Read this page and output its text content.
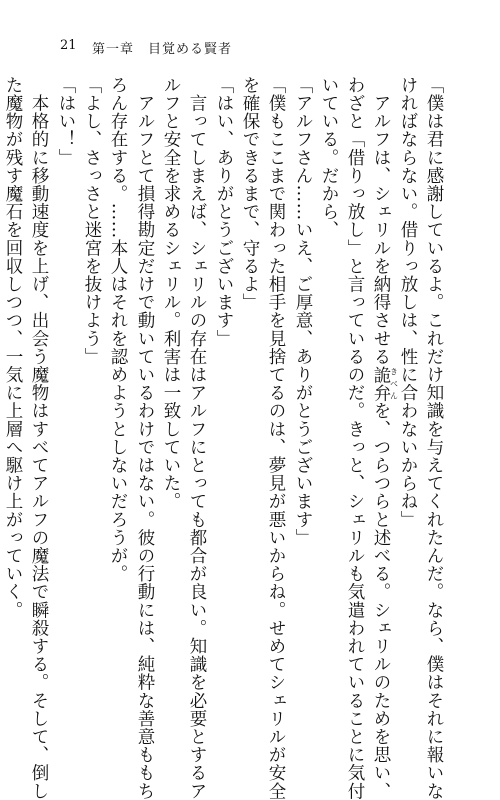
21 第一章　目覚める賢者
「僕は君に感謝しているよ。これだけ知識を与えてくれたんだ。なら、僕はそれに報いな
ければならない。借りっ放しは、性に合わないからね」
　アルフは、シェリルを納得させる詭弁きべんを、つらつらと述べる。シェリルのためを思い、
わざと「借りっ放し」と言っているのだ。きっと、シェリルも気遣われていることに気付
いている。だから、
「アルフさん……いえ、ご厚意、ありがとうございます」
「僕もここまで関わった相手を見捨てるのは、夢見が悪いからね。せめてシェリルが安全
を確保できるまで、守るよ」
「はい、ありがとうございます」
　言ってしまえば、シェリルの存在はアルフにとっても都合が良い。知識を必要とするア
ルフと安全を求めるシェリル。利害は一致していた。
　アルフとて損得勘定だけで動いているわけではない。彼の行動には、純粋な善意ももち
ろん存在する。……本人はそれを認めようとしないだろうが。
「よし、さっさと迷宮を抜けよう」
「はい！」
　本格的に移動速度を上げ、出会う魔物はすべてアルフの魔法で瞬殺する。そして、倒し
た魔物が残す魔石を回収しつつ、一気に上層へ駆け上がっていく。
